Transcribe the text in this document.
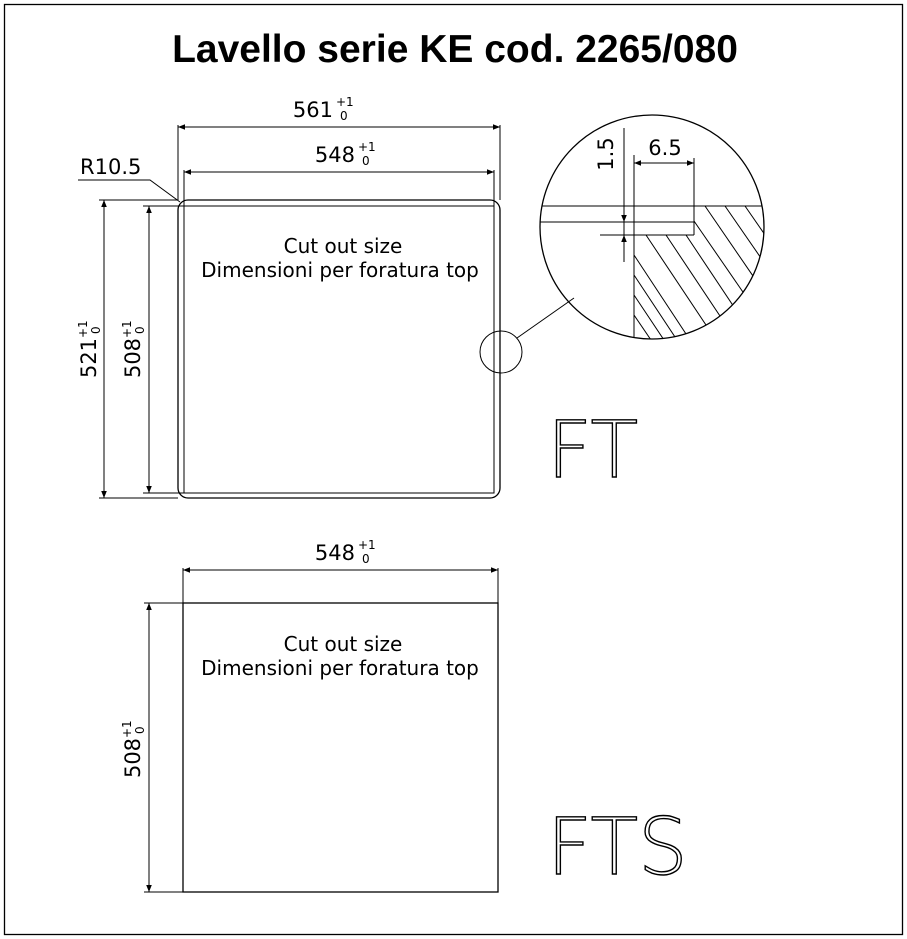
Lavello serie KE cod. 2265/080
561 +1
0
548 +1
0
R10.5
521
+1 0
508
+1 0
Cut out size
Dimensioni per foratura top
FT
1.5 6.5
548 +1
0
508
+1 0
Cut out size
Dimensioni per foratura top
FTS
